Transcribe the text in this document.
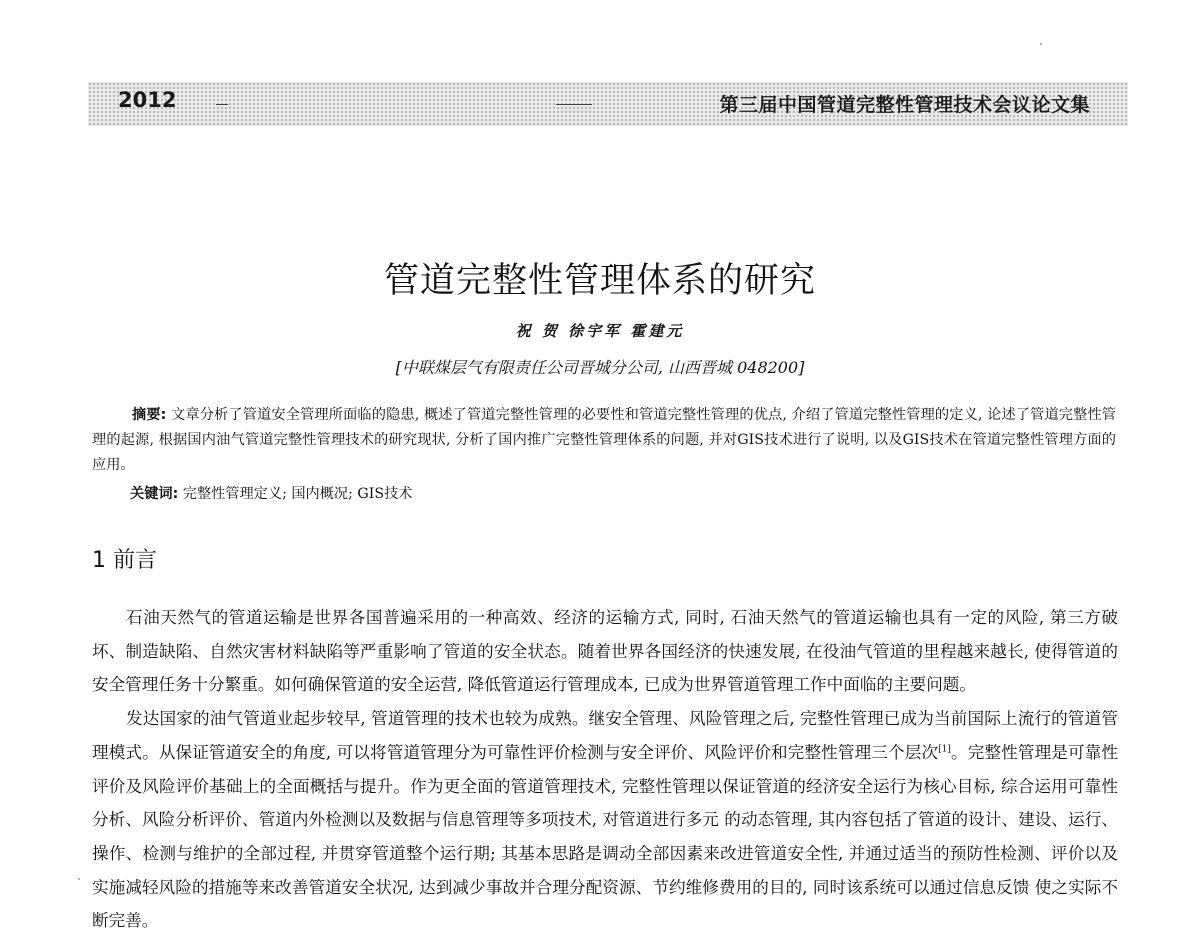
2012	第三届中国管道完整性管理技术会议论文集
管道完整性管理体系的研究
祝 贺 徐宇军 霍建元
[中联煤层气有限责任公司晋城分公司, 山西晋城 048200]
摘要: 文章分析了管道安全管理所面临的隐患, 概述了管道完整性管理的必要性和管道完整性管理的优点, 介绍了管道完整性管理的定义, 论述了管道完整性管理的起源, 根据国内油气管道完整性管理技术的研究现状, 分析了国内推广完整性管理体系的问题, 并对GIS技术进行了说明, 以及GIS技术在管道完整性管理方面的应用。
关键词: 完整性管理定义; 国内概况; GIS技术
1 前言

石油天然气的管道运输是世界各国普遍采用的一种高效、经济的运输方式, 同时, 石油天然气的管道运输也具有一定的风险, 第三方破坏、制造缺陷、自然灾害材料缺陷等严重影响了管道的安全状态。随着世界各国经济的快速发展, 在役油气管道的里程越来越长, 使得管道的安全管理任务十分繁重。如何确保管道的安全运营, 降低管道运行管理成本, 已成为世界管道管理工作中面临的主要问题。

发达国家的油气管道业起步较早, 管道管理的技术也较为成熟。继安全管理、风险管理之后, 完整性管理已成为当前国际上流行的管道管理模式。从保证管道安全的角度, 可以将管道管理分为可靠性评价检测与安全评价、风险评价和完整性管理三个层次[1]。完整性管理是可靠性评价及风险评价基础上的全面概括与提升。作为更全面的管道管理技术, 完整性管理以保证管道的经济安全运行为核心目标, 综合运用可靠性分析、风险分析评价、管道内外检测以及数据与信息管理等多项技术, 对管道进行多元 的动态管理, 其内容包括了管道的设计、建设、运行、操作、检测与维护的全部过程, 并贯穿管道整个运行期; 其基本思路是调动全部因素来改进管道安全性, 并通过适当的预防性检测、评价以及实施减轻风险的措施等来改善管道安全状况, 达到减少事故并合理分配资源、节约维修费用的目的, 同时该系统可以通过信息反馈 使之实际不断完善。
